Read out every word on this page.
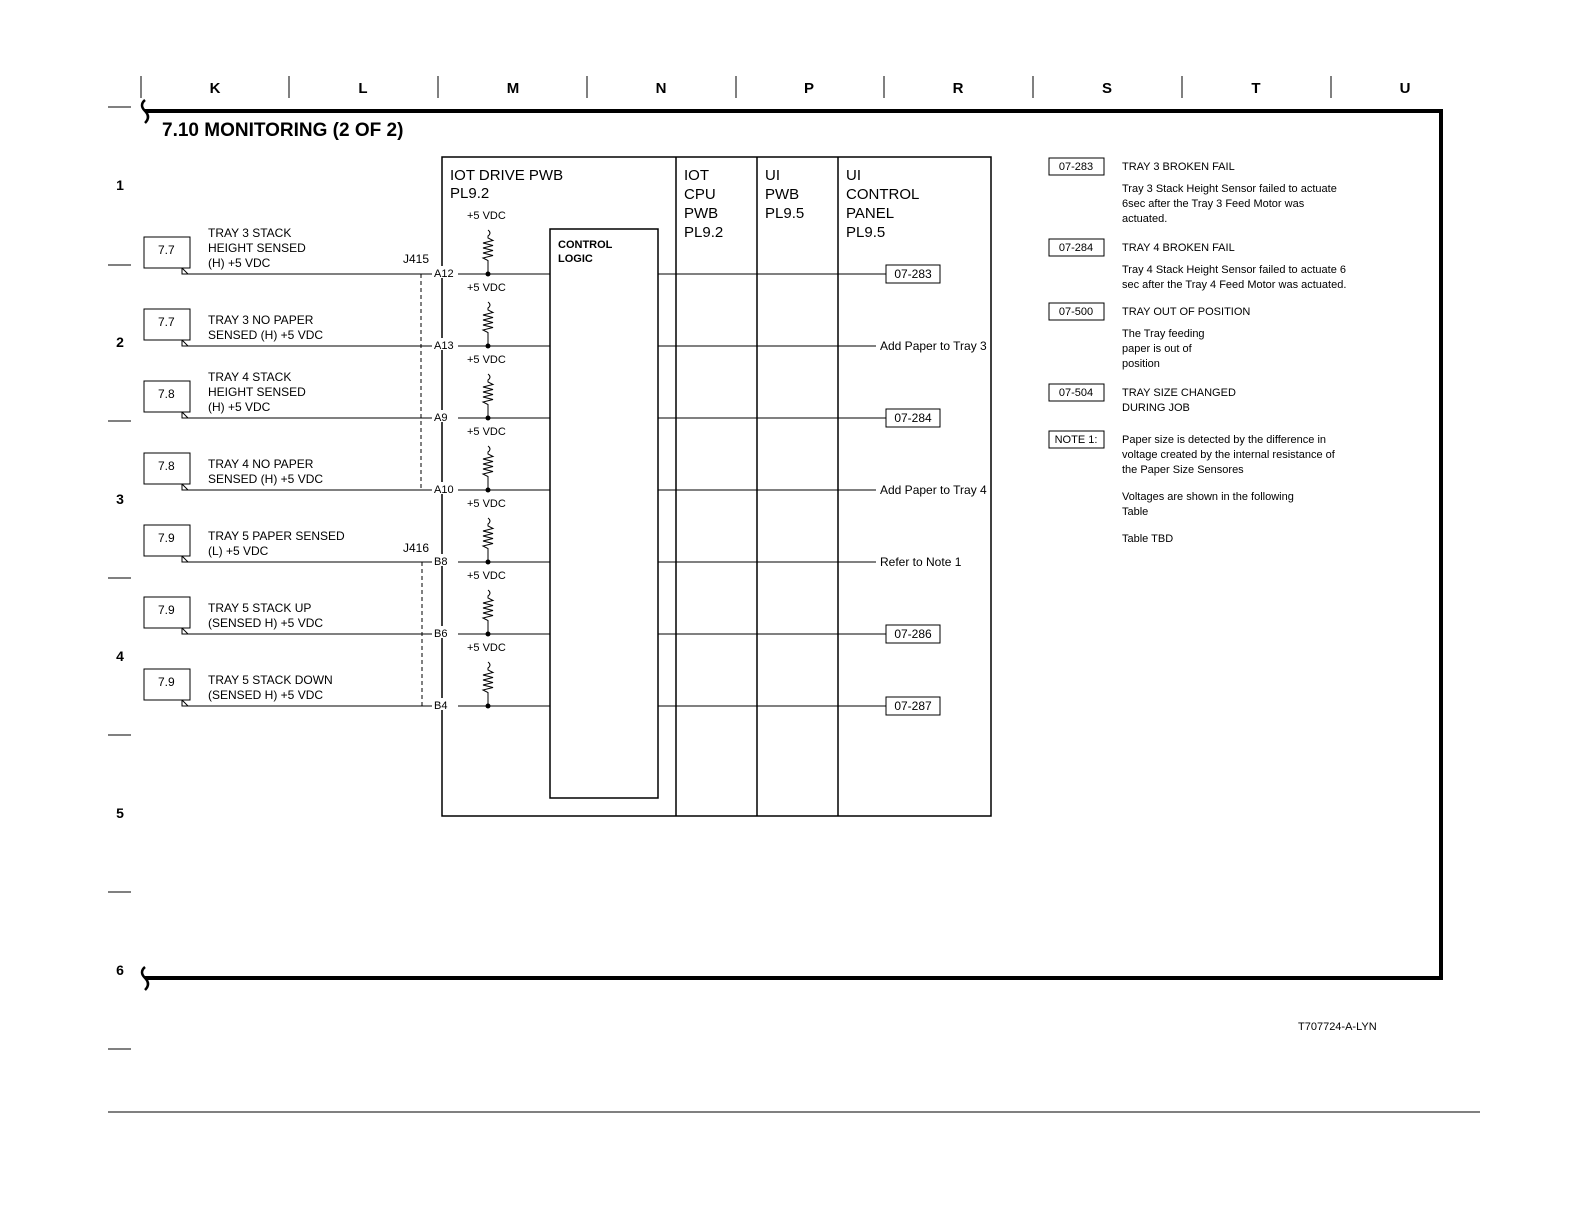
K	L	M	N	P	R	S	T	U
1
2
3
4
5
6
7.10 MONITORING (2 OF 2)
IOT DRIVE PWB
PL9.2
IOT
CPU
PWB
PL9.2
UI
PWB
PL9.5
UI
CONTROL
PANEL
PL9.5
CONTROL
LOGIC
J415
J416
7.7
TRAY 3 STACK
HEIGHT SENSED
(H) +5 VDC
A12
+5 VDC
07-283
7.7	TRAY 3 NO PAPER
SENSED (H) +5 VDC
A13
+5 VDC
Add Paper to Tray 3
7.8
TRAY 4 STACK
HEIGHT SENSED
(H) +5 VDC
A9
+5 VDC
07-284
7.8	TRAY 4 NO PAPER
SENSED (H) +5 VDC
A10
+5 VDC
Add Paper to Tray 4
7.9	TRAY 5 PAPER SENSED
(L) +5 VDC
B8
+5 VDC
Refer to Note 1
7.9	TRAY 5 STACK UP
(SENSED H) +5 VDC
B6
+5 VDC
07-286
7.9	TRAY 5 STACK DOWN
(SENSED H) +5 VDC
B4
+5 VDC
07-287
07-283	TRAY 3 BROKEN FAIL
Tray 3 Stack Height Sensor failed to actuate
6sec after the Tray 3 Feed Motor was
actuated.
07-284	TRAY 4 BROKEN FAIL
Tray 4 Stack Height Sensor failed to actuate 6
sec after the Tray 4 Feed Motor was actuated.
07-500	TRAY OUT OF POSITION
The Tray feeding
paper is out of
position
07-504	TRAY SIZE CHANGED
DURING JOB
NOTE 1: Paper size is detected by the difference in
voltage created by the internal resistance of
the Paper Size Sensores
Voltages are shown in the following
Table
Table TBD
T707724-A-LYN
